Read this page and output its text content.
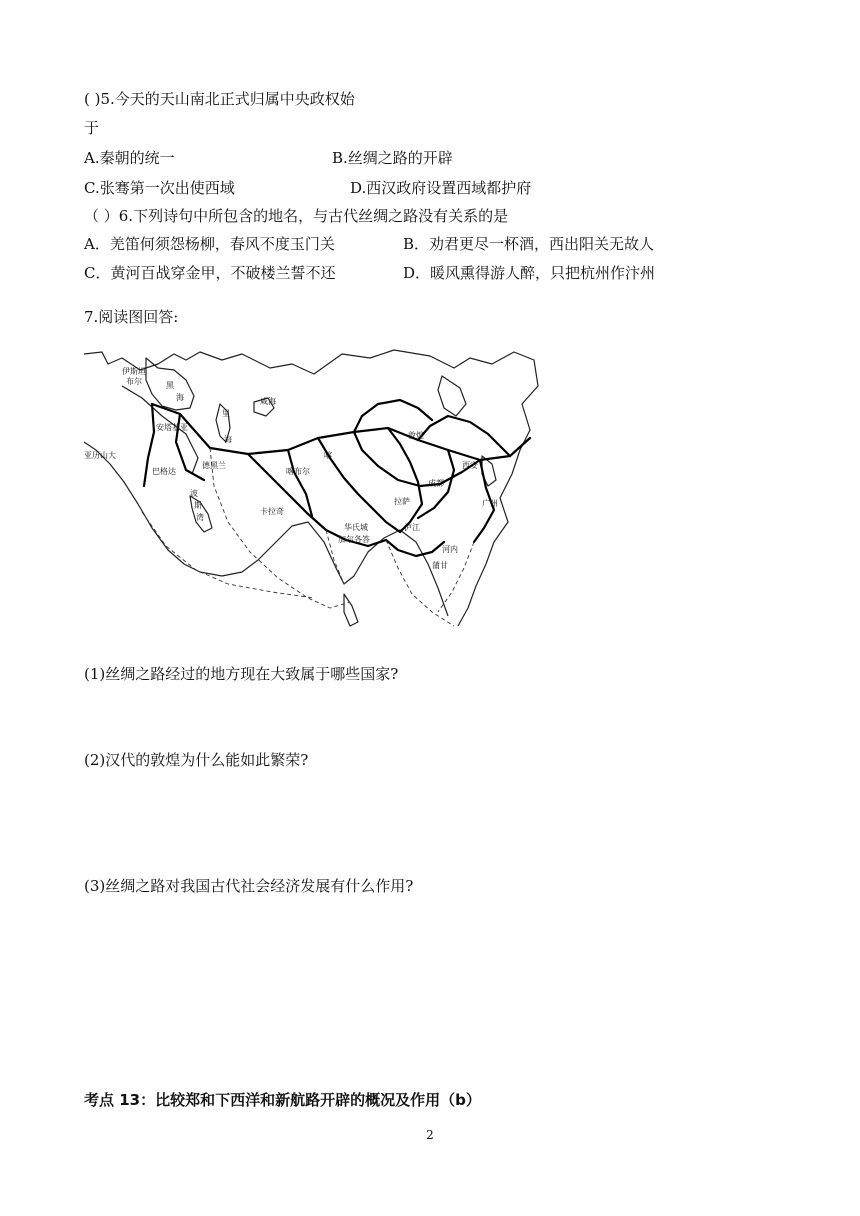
( )5.今天的天山南北正式归属中央政权始
于
A.秦朝的统一	B.丝绸之路的开辟
C.张骞第一次出使西域	D.西汉政府设置西域都护府
（ ）6.下列诗句中所包含的地名，与古代丝绸之路没有关系的是
A．羌笛何须怨杨柳，春风不度玉门关	B．劝君更尽一杯酒，西出阳关无故人
C．黄河百战穿金甲，不破楼兰誓不还	D．暖风熏得游人醉，只把杭州作汴州
7.阅读图回答:
伊斯坦
布尔	黑
海	咸海
里
海
安塔基亚
巴格达
亚历山大
波
斯
湾
德黑兰
喀布尔
卡拉奇
敦煌
喀
西安
成都
拉萨	广州
华氏城
加尔各答
河内
蒲甘
泸江
(1)丝绸之路经过的地方现在大致属于哪些国家?
(2)汉代的敦煌为什么能如此繁荣?
(3)丝绸之路对我国古代社会经济发展有什么作用?
考点 13：比较郑和下西洋和新航路开辟的概况及作用（b）
2
